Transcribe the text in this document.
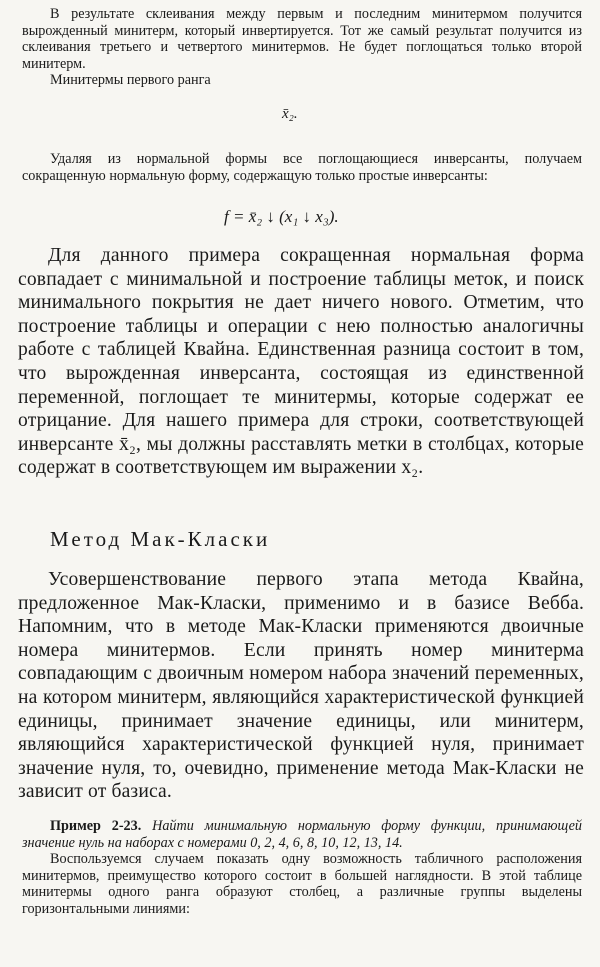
В результате склеивания между первым и последним минитермом получится вырожденный минитерм, который инвертируется. Тот же самый результат получится из склеивания третьего и четвертого минитермов. Не будет поглощаться только второй минитерм.

Минитермы первого ранга

x̄₂.

Удаляя из нормальной формы все поглощающиеся инверсанты, получаем сокращенную нормальную форму, содержащую только простые инверсанты:

f = x̄₂ ↓ (x₁ ↓ x₃).

Для данного примера сокращенная нормальная форма совпадает с минимальной и построение таблицы меток, и поиск минимального покрытия не дает ничего нового. Отметим, что построение таблицы и операции с нею полностью аналогичны работе с таблицей Квайна. Единственная разница состоит в том, что вырожденная инверсанта, состоящая из единственной переменной, поглощает те минитермы, которые содержат ее отрицание. Для нашего примера для строки, соответствующей инверсанте x̄₂, мы должны расставлять метки в столбцах, которые содержат в соответствующем им выражении x₂.

Метод Мак-Класки

Усовершенствование первого этапа метода Квайна, предложенное Мак-Класки, применимо и в базисе Вебба. Напомним, что в методе Мак-Класки применяются двоичные номера минитермов. Если принять номер минитерма совпадающим с двоичным номером набора значений переменных, на котором минитерм, являющийся характеристической функцией единицы, принимает значение единицы, или минитерм, являющийся характеристической функцией нуля, принимает значение нуля, то, очевидно, применение метода Мак-Класки не зависит от базиса.

Пример 2-23. Найти минимальную нормальную форму функции, принимающей значение нуль на наборах с номерами 0, 2, 4, 6, 8, 10, 12, 13, 14.

Воспользуемся случаем показать одну возможность табличного расположения минитермов, преимущество которого состоит в большей наглядности. В этой таблице минитермы одного ранга образуют столбец, а различные группы выделены горизонтальными линиями:
